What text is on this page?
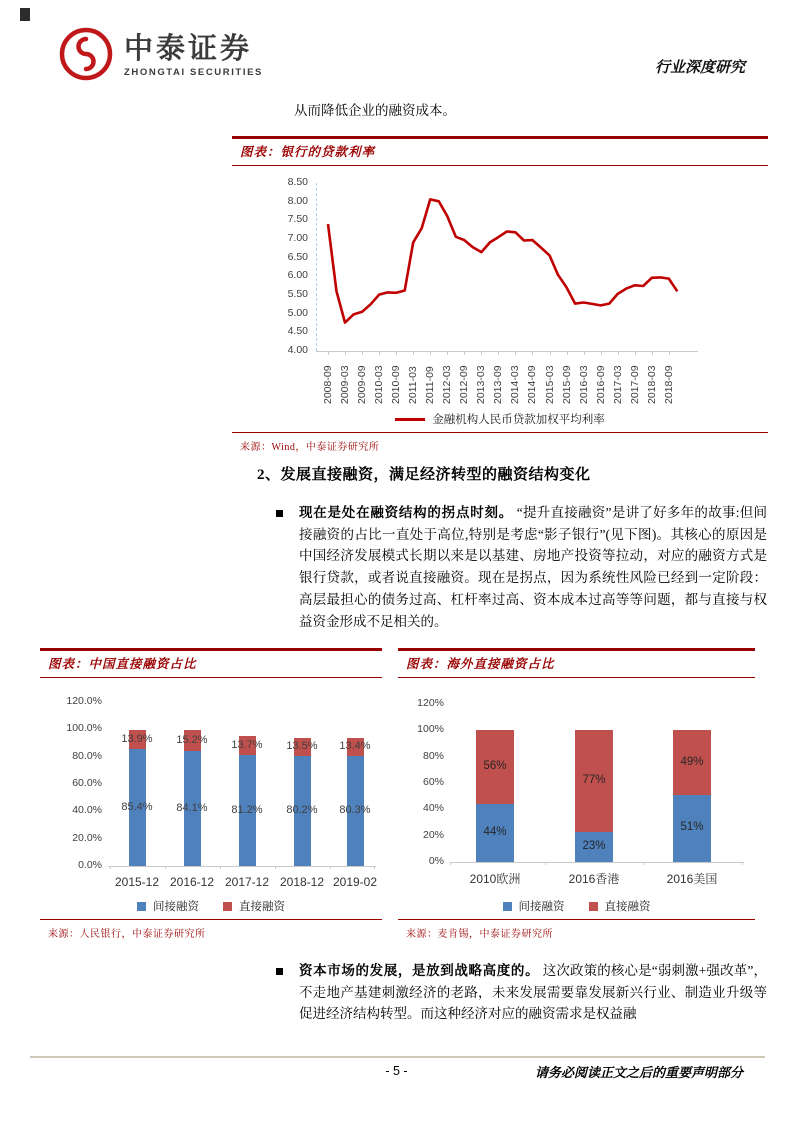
中泰证券
ZHONGTAI SECURITIES	行业深度研究
从而降低企业的融资成本。
图表：银行的贷款利率
8.50
8.00
7.50
7.00
6.50
6.00
5.50
5.00
4.50
4.00
2008-09 2009-03 2009-09 2010-03 2010-09 2011-03 2011-09 2012-03 2012-09 2013-03 2013-09 2014-03 2014-09 2015-03 2015-09 2016-03 2016-09 2017-03 2017-09 2018-03 2018-09
金融机构人民币贷款加权平均利率
来源：Wind，中泰证券研究所
2、发展直接融资，满足经济转型的融资结构变化
现在是处在融资结构的拐点时刻。 “提升直接融资”是讲了好多年的故事:但间接融资的占比一直处于高位,特别是考虑“影子银行”(见下图)。其核心的原因是中国经济发展模式长期以来是以基建、房地产投资等拉动，对应的融资方式是银行贷款，或者说直接融资。现在是拐点，因为系统性风险已经到一定阶段：高层最担心的债务过高、杠杆率过高、资本成本过高等等问题，都与直接与权益资金形成不足相关的。
图表：中国直接融资占比
0.0%
20.0%
40.0%
60.0%
80.0%
100.0%
120.0%
85.4%
13.9%
2015-12
84.1%
15.2%
2016-12
81.2%
13.7%
2017-12
80.2%
13.5%
2018-12
80.3%
13.4%
2019-02
间接融资	直接融资
来源：人民银行，中泰证券研究所
图表：海外直接融资占比
0%
20%
40%
60%
80%
100%
120%
44%
56%
2010欧洲
23%
77%
2016香港
51%
49%
2016美国
间接融资	直接融资
来源：麦肯锡，中泰证券研究所
资本市场的发展，是放到战略高度的。 这次政策的核心是“弱刺激+强改革”，不走地产基建刺激经济的老路，未来发展需要靠发展新兴行业、制造业升级等促进经济结构转型。而这种经济对应的融资需求是权益融
- 5 -	请务必阅读正文之后的重要声明部分
